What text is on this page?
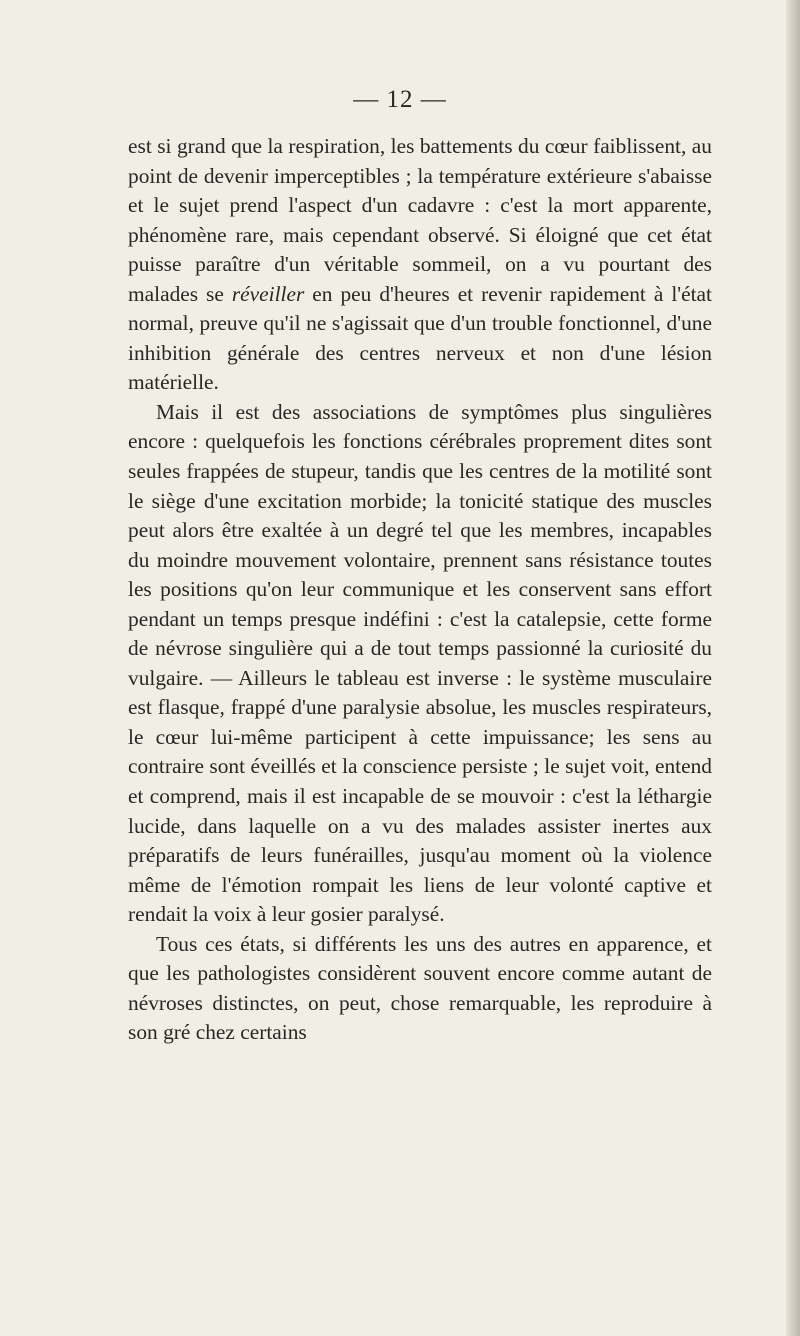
— 12 —

est si grand que la respiration, les battements du cœur faiblissent, au point de devenir imperceptibles ; la température extérieure s'abaisse et le sujet prend l'aspect d'un cadavre : c'est la mort apparente, phénomène rare, mais cependant observé. Si éloigné que cet état puisse paraître d'un véritable sommeil, on a vu pourtant des malades se réveiller en peu d'heures et revenir rapidement à l'état normal, preuve qu'il ne s'agissait que d'un trouble fonctionnel, d'une inhibition générale des centres nerveux et non d'une lésion matérielle.

Mais il est des associations de symptômes plus singulières encore : quelquefois les fonctions cérébrales proprement dites sont seules frappées de stupeur, tandis que les centres de la motilité sont le siège d'une excitation morbide; la tonicité statique des muscles peut alors être exaltée à un degré tel que les membres, incapables du moindre mouvement volontaire, prennent sans résistance toutes les positions qu'on leur communique et les conservent sans effort pendant un temps presque indéfini : c'est la catalepsie, cette forme de névrose singulière qui a de tout temps passionné la curiosité du vulgaire. — Ailleurs le tableau est inverse : le système musculaire est flasque, frappé d'une paralysie absolue, les muscles respirateurs, le cœur lui-même participent à cette impuissance; les sens au contraire sont éveillés et la conscience persiste ; le sujet voit, entend et comprend, mais il est incapable de se mouvoir : c'est la léthargie lucide, dans laquelle on a vu des malades assister inertes aux préparatifs de leurs funérailles, jusqu'au moment où la violence même de l'émotion rompait les liens de leur volonté captive et rendait la voix à leur gosier paralysé.

Tous ces états, si différents les uns des autres en apparence, et que les pathologistes considèrent souvent encore comme autant de névroses distinctes, on peut, chose remarquable, les reproduire à son gré chez certains
